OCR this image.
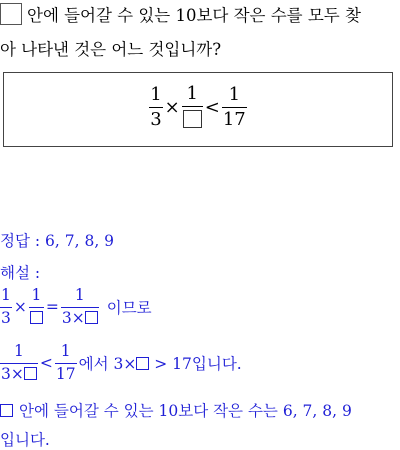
안에 들어갈 수 있는 10보다 작은 수를 모두 찾
아 나타낸 것은 어느 것입니까?
$\frac{1}{3}$ ×
1
< $\frac{1}{17}$
정답 : 6, 7, 8, 9
해설 :
$\frac{1}{3}$ ×
1
= $\frac{1}{3\times}$ 이므로
$\frac{1}{3\times} < \frac{1}{17}$ 에서 3× > 17입니다.
안에 들어갈 수 있는 10보다 작은 수는 6, 7, 8, 9
입니다.
